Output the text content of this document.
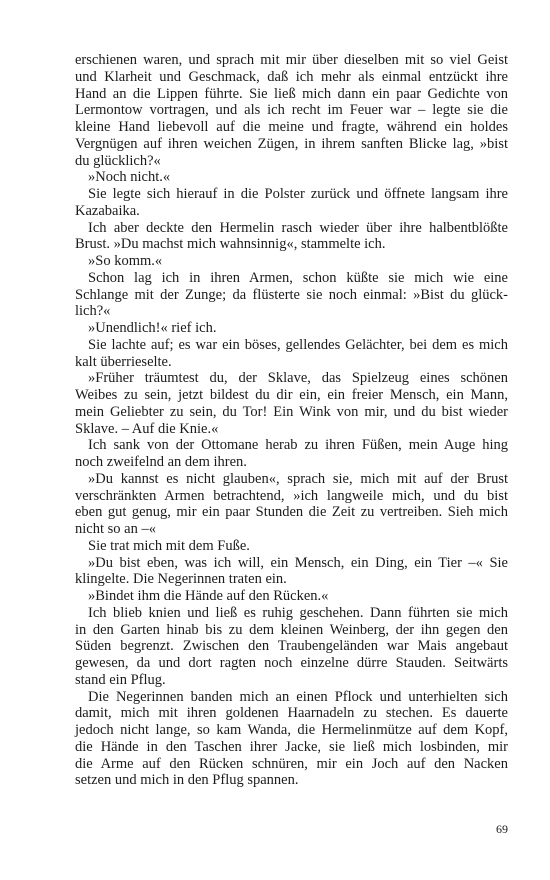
erschienen waren, und sprach mit mir über dieselben mit so viel Geist
und Klarheit und Geschmack, daß ich mehr als einmal entzückt ihre
Hand an die Lippen führte. Sie ließ mich dann ein paar Gedichte von
Lermontow vortragen, und als ich recht im Feuer war – legte sie die
kleine Hand liebevoll auf die meine und fragte, während ein holdes
Vergnügen auf ihren weichen Zügen, in ihrem sanften Blicke lag, »bist
du glücklich?«
»Noch nicht.«
Sie legte sich hierauf in die Polster zurück und öffnete langsam ihre
Kazabaika.
Ich aber deckte den Hermelin rasch wieder über ihre halbentblößte
Brust. »Du machst mich wahnsinnig«, stammelte ich.
»So komm.«
Schon lag ich in ihren Armen, schon küßte sie mich wie eine
Schlange mit der Zunge; da flüsterte sie noch einmal: »Bist du glück-
lich?«
»Unendlich!« rief ich.
Sie lachte auf; es war ein böses, gellendes Gelächter, bei dem es mich
kalt überrieselte.
»Früher träumtest du, der Sklave, das Spielzeug eines schönen
Weibes zu sein, jetzt bildest du dir ein, ein freier Mensch, ein Mann,
mein Geliebter zu sein, du Tor! Ein Wink von mir, und du bist wieder
Sklave. – Auf die Knie.«
Ich sank von der Ottomane herab zu ihren Füßen, mein Auge hing
noch zweifelnd an dem ihren.
»Du kannst es nicht glauben«, sprach sie, mich mit auf der Brust
verschränkten Armen betrachtend, »ich langweile mich, und du bist
eben gut genug, mir ein paar Stunden die Zeit zu vertreiben. Sieh mich
nicht so an –«
Sie trat mich mit dem Fuße.
»Du bist eben, was ich will, ein Mensch, ein Ding, ein Tier –« Sie
klingelte. Die Negerinnen traten ein.
»Bindet ihm die Hände auf den Rücken.«
Ich blieb knien und ließ es ruhig geschehen. Dann führten sie mich
in den Garten hinab bis zu dem kleinen Weinberg, der ihn gegen den
Süden begrenzt. Zwischen den Traubengeländen war Mais angebaut
gewesen, da und dort ragten noch einzelne dürre Stauden. Seitwärts
stand ein Pflug.
Die Negerinnen banden mich an einen Pflock und unterhielten sich
damit, mich mit ihren goldenen Haarnadeln zu stechen. Es dauerte
jedoch nicht lange, so kam Wanda, die Hermelinmütze auf dem Kopf,
die Hände in den Taschen ihrer Jacke, sie ließ mich losbinden, mir
die Arme auf den Rücken schnüren, mir ein Joch auf den Nacken
setzen und mich in den Pflug spannen.
69
